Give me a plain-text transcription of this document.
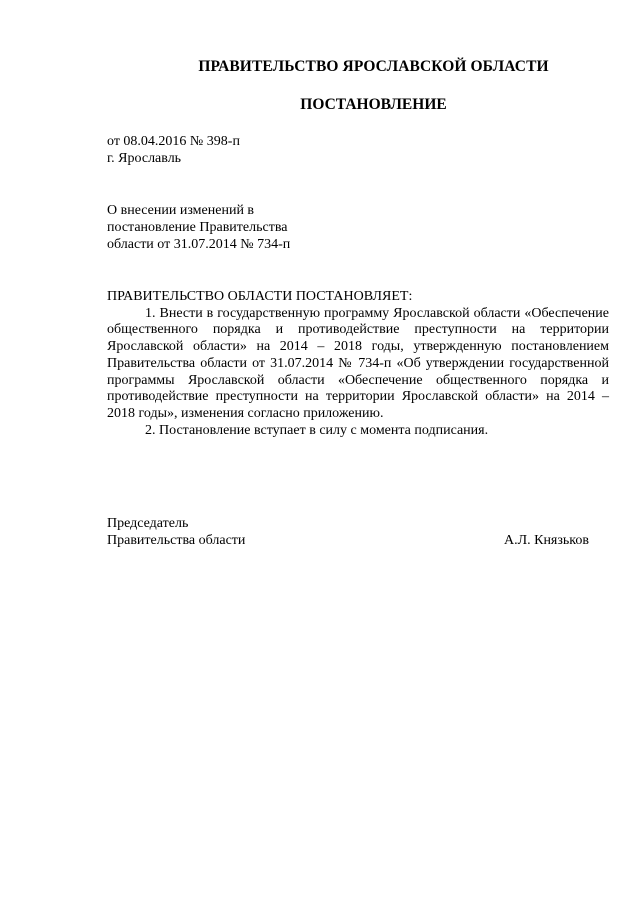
ПРАВИТЕЛЬСТВО ЯРОСЛАВСКОЙ ОБЛАСТИ
ПОСТАНОВЛЕНИЕ
от 08.04.2016 № 398-п
г. Ярославль
О внесении изменений в
постановление Правительства
области от 31.07.2014 № 734-п
ПРАВИТЕЛЬСТВО ОБЛАСТИ ПОСТАНОВЛЯЕТ:

1. Внести в государственную программу Ярославской области «Обеспечение общественного порядка и противодействие преступности на территории Ярославской области» на 2014 – 2018 годы, утвержденную постановлением Правительства области от 31.07.2014 № 734-п «Об утверждении государственной программы Ярославской области «Обеспечение общественного порядка и противодействие преступности на территории Ярославской области» на 2014 – 2018 годы», изменения согласно приложению.

2. Постановление вступает в силу с момента подписания.

Председатель
Правительства области	А.Л. Князьков
